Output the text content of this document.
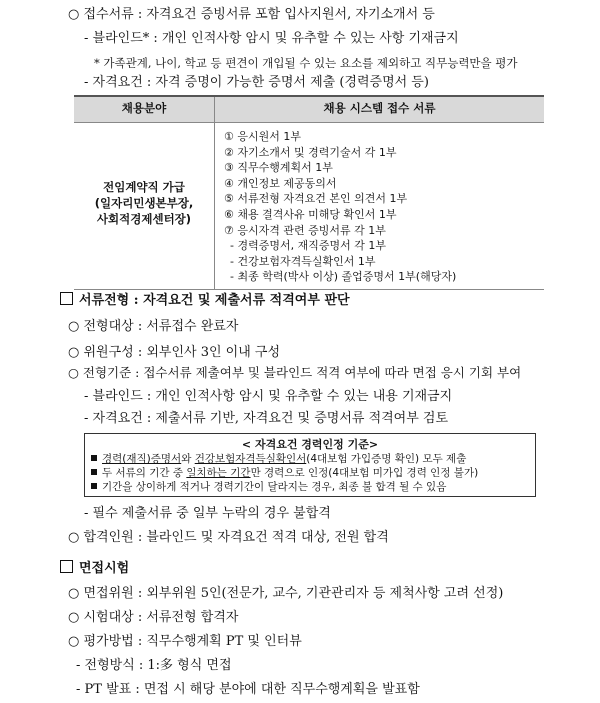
○ 접수서류 : 자격요건 증빙서류 포함 입사지원서, 자기소개서 등
- 블라인드* : 개인 인적사항 암시 및 유추할 수 있는 사항 기재금지
* 가족관계, 나이, 학교 등 편견이 개입될 수 있는 요소를 제외하고 직무능력만을 평가
- 자격요건 : 자격 증명이 가능한 증명서 제출 (경력증명서 등)
채용분야	채용 시스템 접수 서류
전임계약직 가급
(일자리민생본부장,
사회적경제센터장)
① 응시원서 1부
② 자기소개서 및 경력기술서 각 1부
③ 직무수행계획서 1부
④ 개인정보 제공동의서
⑤ 서류전형 자격요건 본인 의견서 1부
⑥ 채용 결격사유 미해당 확인서 1부
⑦ 응시자격 관련 증빙서류 각 1부
- 경력증명서, 재직증명서 각 1부
- 건강보험자격득실확인서 1부
- 최종 학력(박사 이상) 졸업증명서 1부(해당자)
서류전형 : 자격요건 및 제출서류 적격여부 판단
○ 전형대상 : 서류접수 완료자
○ 위원구성 : 외부인사 3인 이내 구성
○ 전형기준 : 접수서류 제출여부 및 블라인드 적격 여부에 따라 면접 응시 기회 부여
- 블라인드 : 개인 인적사항 암시 및 유추할 수 있는 내용 기재금지
- 자격요건 : 제출서류 기반, 자격요건 및 증명서류 적격여부 검토
< 자격요건 경력인정 기준>
경력(재직)증명서와 건강보험자격득실확인서(4대보험 가입증명 확인) 모두 제출
두 서류의 기간 중 일치하는 기간만 경력으로 인정(4대보험 미가입 경력 인정 불가)
기간을 상이하게 적거나 경력기간이 달라지는 경우, 최종 불 합격 될 수 있음
- 필수 제출서류 중 일부 누락의 경우 불합격
○ 합격인원 : 블라인드 및 자격요건 적격 대상, 전원 합격
면접시험
○ 면접위원 : 외부위원 5인(전문가, 교수, 기관관리자 등 제척사항 고려 선정)
○ 시험대상 : 서류전형 합격자
○ 평가방법 : 직무수행계획 PT 및 인터뷰
- 전형방식 : 1:多 형식 면접
- PT 발표 : 면접 시 해당 분야에 대한 직무수행계획을 발표함
